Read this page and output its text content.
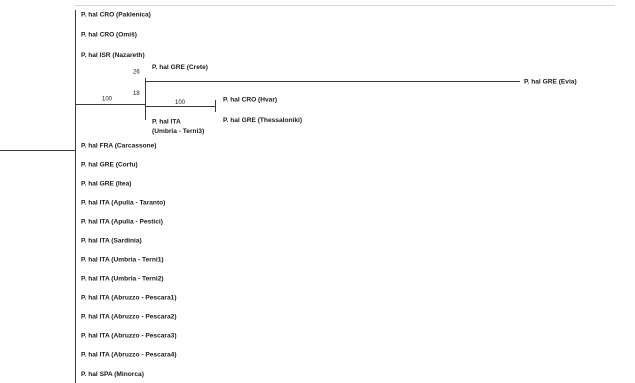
P. hal CRO (Paklenica)
P. hal CRO (Omiš)
P. hal ISR (Nazareth)
P. hal GRE (Crete)
P. hal GRE (Evia)
P. hal CRO (Hvar)
P. hal GRE (Thessaloniki)
P. hal ITA
(Umbria - Terni3)
26
18
100
100
P. hal FRA (Carcassone)
P. hal GRE (Corfu)
P. hal GRE (Itea)
P. hal ITA (Apulia - Taranto)
P. hal ITA (Apulia - Pestici)
P. hal ITA (Sardinia)
P. hal ITA (Umbria - Terni1)
P. hal ITA (Umbria - Terni2)
P. hal ITA (Abruzzo - Pescara1)
P. hal ITA (Abruzzo - Pescara2)
P. hal ITA (Abruzzo - Pescara3)
P. hal ITA (Abruzzo - Pescara4)
P. hal SPA (Minorca)
